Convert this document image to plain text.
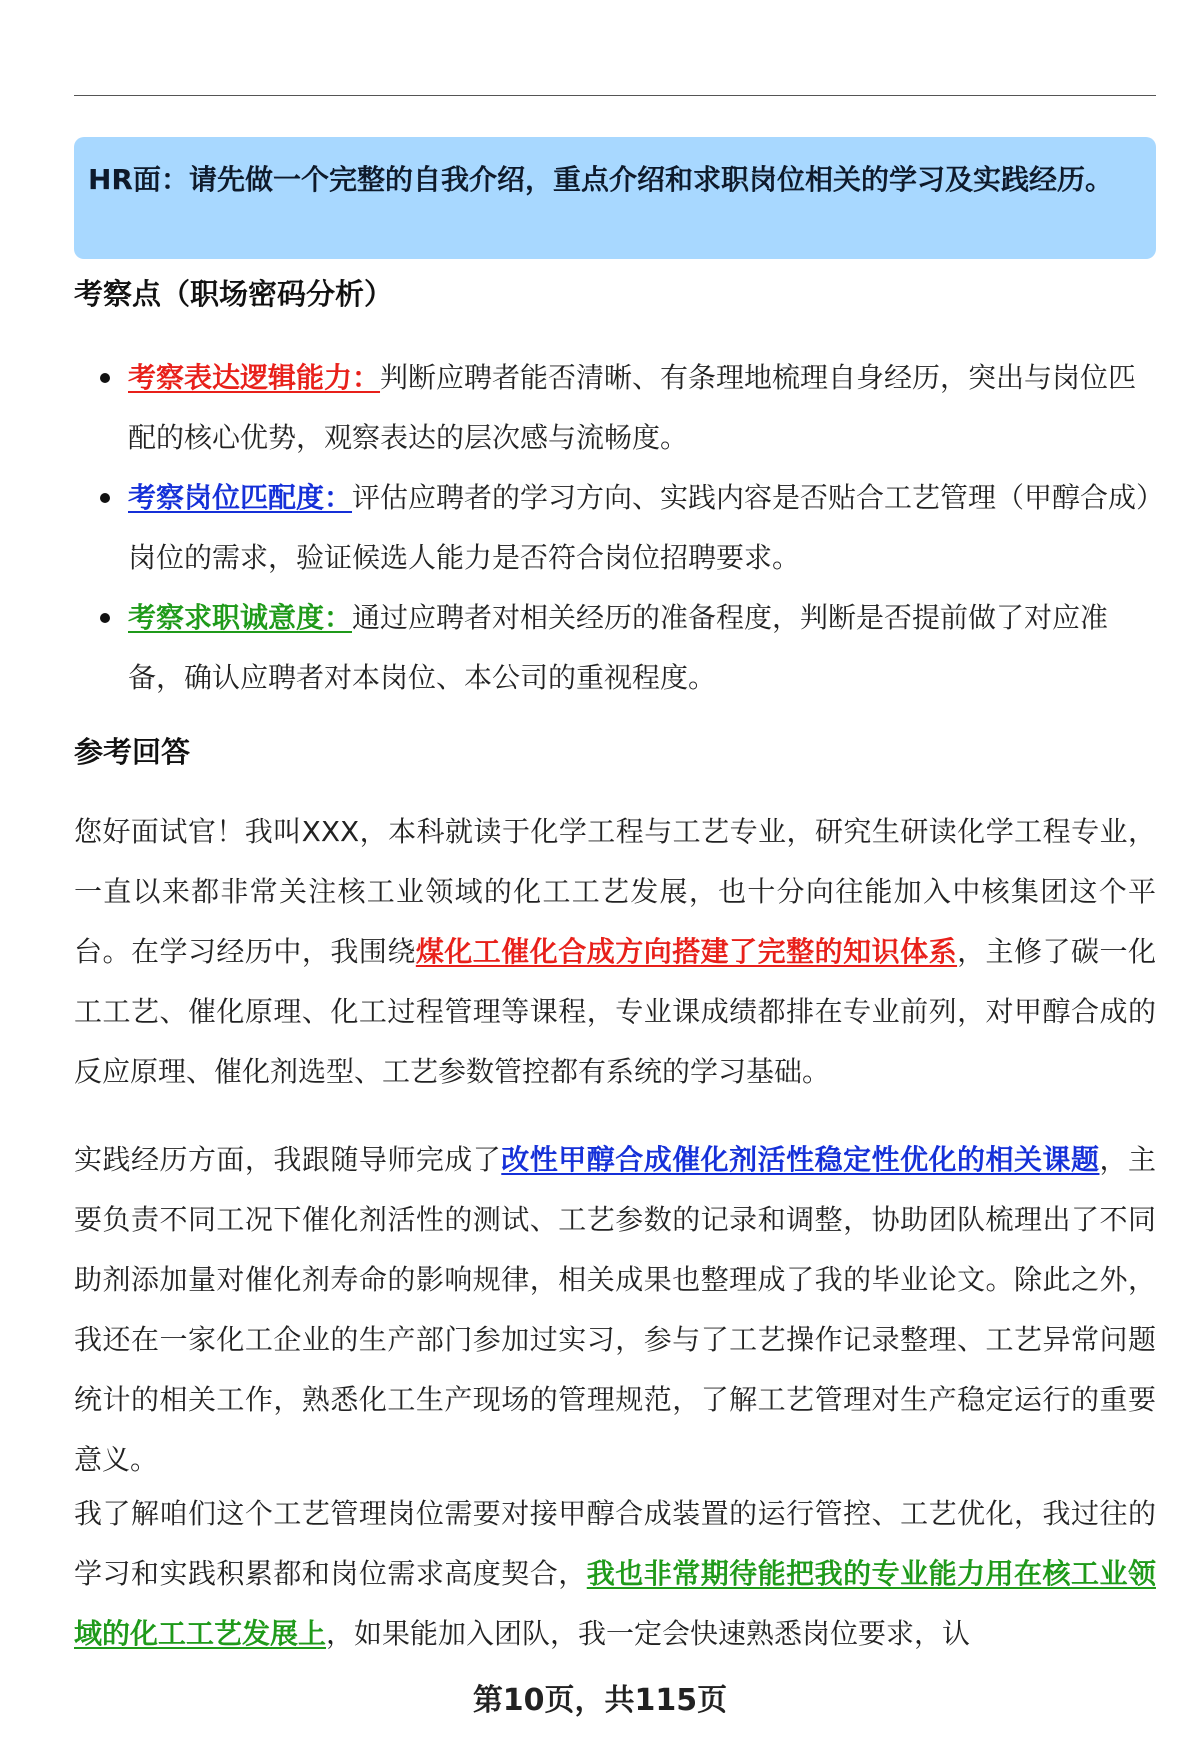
HR面：请先做一个完整的自我介绍，重点介绍和求职岗位相关的学习及实践经历。
考察点（职场密码分析）
考察表达逻辑能力：判断应聘者能否清晰、有条理地梳理自身经历，突出与岗位匹配的核心优势，观察表达的层次感与流畅度。
考察岗位匹配度：评估应聘者的学习方向、实践内容是否贴合工艺管理（甲醇合成）岗位的需求，验证候选人能力是否符合岗位招聘要求。
考察求职诚意度：通过应聘者对相关经历的准备程度，判断是否提前做了对应准备，确认应聘者对本岗位、本公司的重视程度。
参考回答

您好面试官！我叫XXX，本科就读于化学工程与工艺专业，研究生研读化学工程专业，一直以来都非常关注核工业领域的化工工艺发展，也十分向往能加入中核集团这个平台。在学习经历中，我围绕煤化工催化合成方向搭建了完整的知识体系，主修了碳一化工工艺、催化原理、化工过程管理等课程，专业课成绩都排在专业前列，对甲醇合成的反应原理、催化剂选型、工艺参数管控都有系统的学习基础。

实践经历方面，我跟随导师完成了改性甲醇合成催化剂活性稳定性优化的相关课题，主要负责不同工况下催化剂活性的测试、工艺参数的记录和调整，协助团队梳理出了不同助剂添加量对催化剂寿命的影响规律，相关成果也整理成了我的毕业论文。除此之外，我还在一家化工企业的生产部门参加过实习，参与了工艺操作记录整理、工艺异常问题统计的相关工作，熟悉化工生产现场的管理规范，了解工艺管理对生产稳定运行的重要意义。

我了解咱们这个工艺管理岗位需要对接甲醇合成装置的运行管控、工艺优化，我过往的学习和实践积累都和岗位需求高度契合，我也非常期待能把我的专业能力用在核工业领域的化工工艺发展上，如果能加入团队，我一定会快速熟悉岗位要求，认

第10页，共115页
